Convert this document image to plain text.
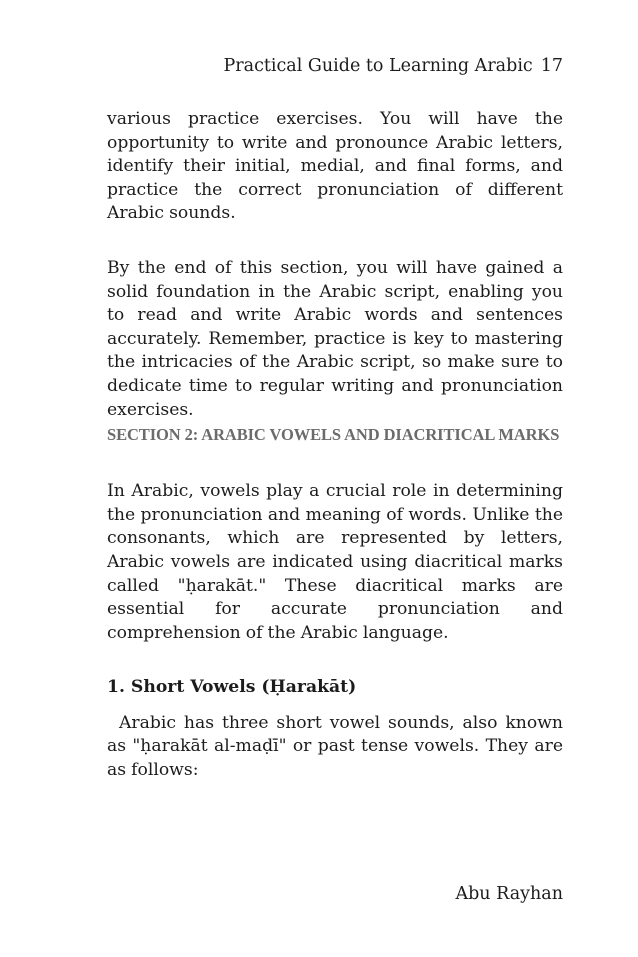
Practical Guide to Learning Arabic 17

various practice exercises. You will have the opportunity to write and pronounce Arabic letters, identify their initial, medial, and final forms, and practice the correct pronunciation of different Arabic sounds.

By the end of this section, you will have gained a solid foundation in the Arabic script, enabling you to read and write Arabic words and sentences accurately. Remember, practice is key to mastering the intricacies of the Arabic script, so make sure to dedicate time to regular writing and pronunciation exercises.

SECTION 2: ARABIC VOWELS AND DIACRITICAL MARKS

In Arabic, vowels play a crucial role in determining the pronunciation and meaning of words. Unlike the consonants, which are represented by letters, Arabic vowels are indicated using diacritical marks called "ḥarakāt." These diacritical marks are essential for accurate pronunciation and comprehension of the Arabic language.

1. Short Vowels (Ḥarakāt)

Arabic has three short vowel sounds, also known as "ḥarakāt al-maḍī" or past tense vowels. They are as follows:

Abu Rayhan
